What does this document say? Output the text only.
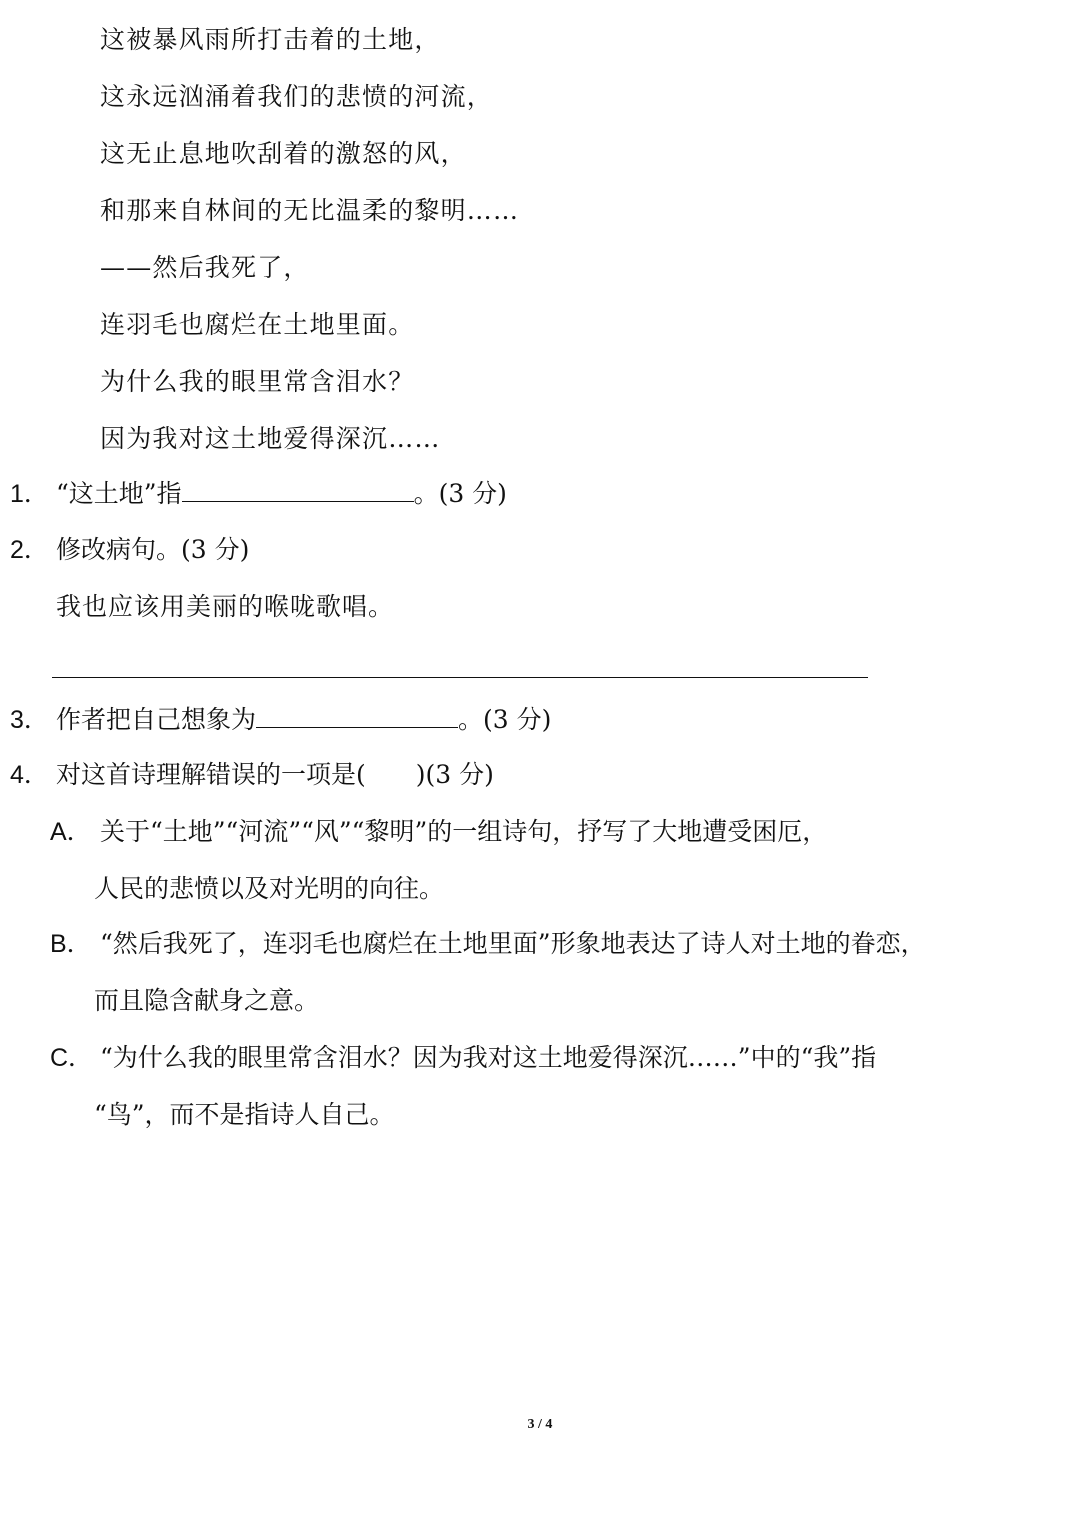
这被暴风雨所打击着的土地，
这永远汹涌着我们的悲愤的河流，
这无止息地吹刮着的激怒的风，
和那来自林间的无比温柔的黎明……
——然后我死了，
连羽毛也腐烂在土地里面。
为什么我的眼里常含泪水？
因为我对这土地爱得深沉……
1． “这土地”指	。(3 分)
2． 修改病句。(3 分)
我也应该用美丽的喉咙歌唱。
3． 作者把自己想象为	。(3 分)
4． 对这首诗理解错误的一项是(　　)(3 分)
A． 关于“土地”“河流”“风”“黎明”的一组诗句，抒写了大地遭受困厄，
人民的悲愤以及对光明的向往。
B． “然后我死了，连羽毛也腐烂在土地里面”形象地表达了诗人对土地的眷恋，
而且隐含献身之意。
C． “为什么我的眼里常含泪水？因为我对这土地爱得深沉……”中的“我”指
“鸟”，而不是指诗人自己。
3 / 4
